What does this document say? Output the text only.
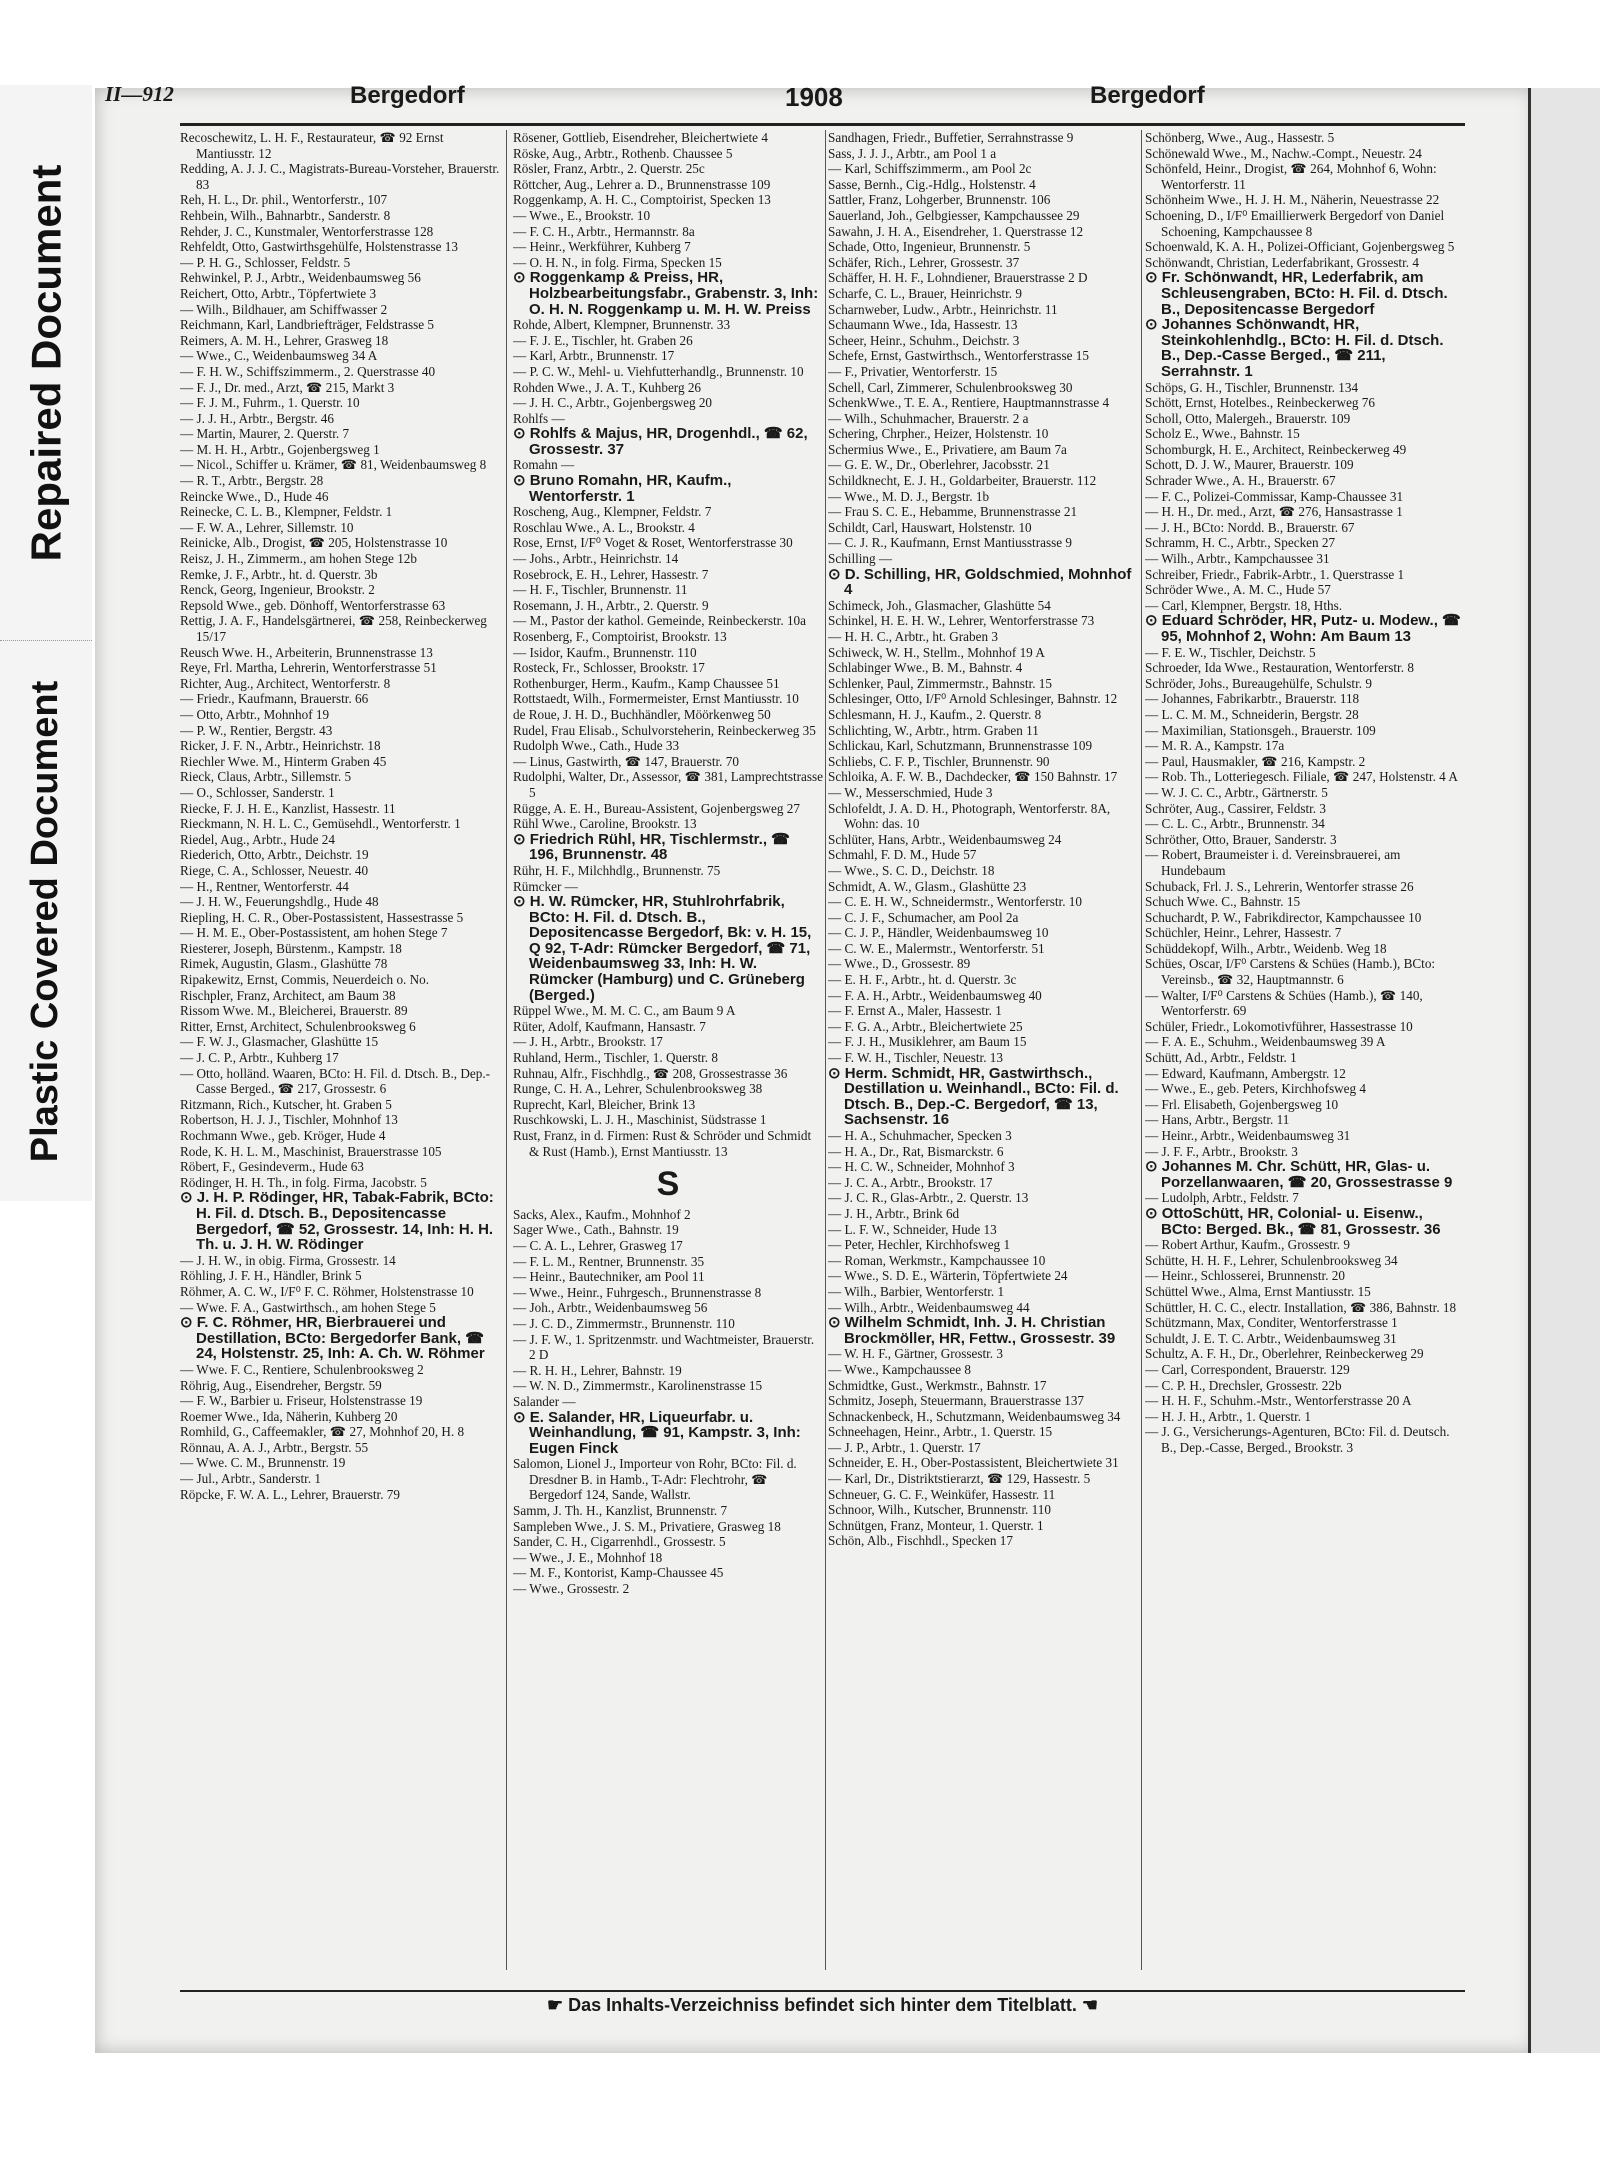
Repaired Document
Plastic Covered Document
II—912	Bergedorf	1908	Bergedorf

Recoschewitz, L. H. F., Restaurateur, ☎ 92 Ernst Mantiusstr. 12

Redding, A. J. J. C., Magistrats-Bureau-Vorsteher, Brauerstr. 83

Reh, H. L., Dr. phil., Wentorferstr., 107

Rehbein, Wilh., Bahnarbtr., Sanderstr. 8

Rehder, J. C., Kunstmaler, Wentorferstrasse 128

Rehfeldt, Otto, Gastwirthsgehülfe, Holstenstrasse 13

— P. H. G., Schlosser, Feldstr. 5

Rehwinkel, P. J., Arbtr., Weidenbaumsweg 56

Reichert, Otto, Arbtr., Töpfertwiete 3

— Wilh., Bildhauer, am Schiffwasser 2

Reichmann, Karl, Landbriefträger, Feldstrasse 5

Reimers, A. M. H., Lehrer, Grasweg 18

— Wwe., C., Weidenbaumsweg 34 A

— F. H. W., Schiffszimmerm., 2. Querstrasse 40

— F. J., Dr. med., Arzt, ☎ 215, Markt 3

— F. J. M., Fuhrm., 1. Querstr. 10

— J. J. H., Arbtr., Bergstr. 46

— Martin, Maurer, 2. Querstr. 7

— M. H. H., Arbtr., Gojenbergsweg 1

— Nicol., Schiffer u. Krämer, ☎ 81, Weidenbaumsweg 8

— R. T., Arbtr., Bergstr. 28

Reincke Wwe., D., Hude 46

Reinecke, C. L. B., Klempner, Feldstr. 1

— F. W. A., Lehrer, Sillemstr. 10

Reinicke, Alb., Drogist, ☎ 205, Holstenstrasse 10

Reisz, J. H., Zimmerm., am hohen Stege 12b

Remke, J. F., Arbtr., ht. d. Querstr. 3b

Renck, Georg, Ingenieur, Brookstr. 2

Repsold Wwe., geb. Dönhoff, Wentorferstrasse 63

Rettig, J. A. F., Handelsgärtnerei, ☎ 258, Reinbeckerweg 15/17

Reusch Wwe. H., Arbeiterin, Brunnenstrasse 13

Reye, Frl. Martha, Lehrerin, Wentorferstrasse 51

Richter, Aug., Architect, Wentorferstr. 8

— Friedr., Kaufmann, Brauerstr. 66

— Otto, Arbtr., Mohnhof 19

— P. W., Rentier, Bergstr. 43

Ricker, J. F. N., Arbtr., Heinrichstr. 18

Riechler Wwe. M., Hinterm Graben 45

Rieck, Claus, Arbtr., Sillemstr. 5

— O., Schlosser, Sanderstr. 1

Riecke, F. J. H. E., Kanzlist, Hassestr. 11

Rieckmann, N. H. L. C., Gemüsehdl., Wentorferstr. 1

Riedel, Aug., Arbtr., Hude 24

Riederich, Otto, Arbtr., Deichstr. 19

Riege, C. A., Schlosser, Neuestr. 40

— H., Rentner, Wentorferstr. 44

— J. H. W., Feuerungshdlg., Hude 48

Riepling, H. C. R., Ober-Postassistent, Hassestrasse 5

— H. M. E., Ober-Postassistent, am hohen Stege 7

Riesterer, Joseph, Bürstenm., Kampstr. 18

Rimek, Augustin, Glasm., Glashütte 78

Ripakewitz, Ernst, Commis, Neuerdeich o. No.

Rischpler, Franz, Architect, am Baum 38

Rissom Wwe. M., Bleicherei, Brauerstr. 89

Ritter, Ernst, Architect, Schulenbrooksweg 6

— F. W. J., Glasmacher, Glashütte 15

— J. C. P., Arbtr., Kuhberg 17

— Otto, holländ. Waaren, BCto: H. Fil. d. Dtsch. B., Dep.-Casse Berged., ☎ 217, Grossestr. 6

Ritzmann, Rich., Kutscher, ht. Graben 5

Robertson, H. J. J., Tischler, Mohnhof 13

Rochmann Wwe., geb. Kröger, Hude 4

Rode, K. H. L. M., Maschinist, Brauerstrasse 105

Röbert, F., Gesindeverm., Hude 63

Rödinger, H. H. Th., in folg. Firma, Jacobstr. 5

⊙ J. H. P. Rödinger, HR, Tabak-Fabrik, BCto: H. Fil. d. Dtsch. B., Depositencasse Bergedorf, ☎ 52, Grossestr. 14, Inh: H. H. Th. u. J. H. W. Rödinger

— J. H. W., in obig. Firma, Grossestr. 14

Röhling, J. F. H., Händler, Brink 5

Röhmer, A. C. W., I/F⁰ F. C. Röhmer, Holstenstrasse 10

— Wwe. F. A., Gastwirthsch., am hohen Stege 5

⊙ F. C. Röhmer, HR, Bierbrauerei und Destillation, BCto: Bergedorfer Bank, ☎ 24, Holstenstr. 25, Inh: A. Ch. W. Röhmer

— Wwe. F. C., Rentiere, Schulenbrooksweg 2

Röhrig, Aug., Eisendreher, Bergstr. 59

— F. W., Barbier u. Friseur, Holstenstrasse 19

Roemer Wwe., Ida, Näherin, Kuhberg 20

Romhild, G., Caffeemakler, ☎ 27, Mohnhof 20, H. 8

Rönnau, A. A. J., Arbtr., Bergstr. 55

— Wwe. C. M., Brunnenstr. 19

— Jul., Arbtr., Sanderstr. 1

Röpcke, F. W. A. L., Lehrer, Brauerstr. 79

Rösener, Gottlieb, Eisendreher, Bleichertwiete 4

Röske, Aug., Arbtr., Rothenb. Chaussee 5

Rösler, Franz, Arbtr., 2. Querstr. 25c

Röttcher, Aug., Lehrer a. D., Brunnenstrasse 109

Roggenkamp, A. H. C., Comptoirist, Specken 13

— Wwe., E., Brookstr. 10

— F. C. H., Arbtr., Hermannstr. 8a

— Heinr., Werkführer, Kuhberg 7

— O. H. N., in folg. Firma, Specken 15

⊙ Roggenkamp & Preiss, HR, Holzbearbeitungsfabr., Grabenstr. 3, Inh: O. H. N. Roggenkamp u. M. H. W. Preiss

Rohde, Albert, Klempner, Brunnenstr. 33

— F. J. E., Tischler, ht. Graben 26

— Karl, Arbtr., Brunnenstr. 17

— P. C. W., Mehl- u. Viehfutterhandlg., Brunnenstr. 10

Rohden Wwe., J. A. T., Kuhberg 26

— J. H. C., Arbtr., Gojenbergsweg 20

Rohlfs —

⊙ Rohlfs & Majus, HR, Drogenhdl., ☎ 62, Grossestr. 37

Romahn —

⊙ Bruno Romahn, HR, Kaufm., Wentorferstr. 1

Roscheng, Aug., Klempner, Feldstr. 7

Roschlau Wwe., A. L., Brookstr. 4

Rose, Ernst, I/F⁰ Voget & Roset, Wentorferstrasse 30

— Johs., Arbtr., Heinrichstr. 14

Rosebrock, E. H., Lehrer, Hassestr. 7

— H. F., Tischler, Brunnenstr. 11

Rosemann, J. H., Arbtr., 2. Querstr. 9

— M., Pastor der kathol. Gemeinde, Reinbeckerstr. 10a

Rosenberg, F., Comptoirist, Brookstr. 13

— Isidor, Kaufm., Brunnenstr. 110

Rosteck, Fr., Schlosser, Brookstr. 17

Rothenburger, Herm., Kaufm., Kamp Chaussee 51

Rottstaedt, Wilh., Formermeister, Ernst Mantiusstr. 10

de Roue, J. H. D., Buchhändler, Möörkenweg 50

Rudel, Frau Elisab., Schulvorsteherin, Reinbeckerweg 35

Rudolph Wwe., Cath., Hude 33

— Linus, Gastwirth, ☎ 147, Brauerstr. 70

Rudolphi, Walter, Dr., Assessor, ☎ 381, Lamprechtstrasse 5

Rügge, A. E. H., Bureau-Assistent, Gojenbergsweg 27

Rühl Wwe., Caroline, Brookstr. 13

⊙ Friedrich Rühl, HR, Tischlermstr., ☎ 196, Brunnenstr. 48

Rühr, H. F., Milchhdlg., Brunnenstr. 75

Rümcker —

⊙ H. W. Rümcker, HR, Stuhlrohrfabrik, BCto: H. Fil. d. Dtsch. B., Depositencasse Bergedorf, Bk: v. H. 15, Q 92, T-Adr: Rümcker Bergedorf, ☎ 71, Weidenbaumsweg 33, Inh: H. W. Rümcker (Hamburg) und C. Grüneberg (Berged.)

Rüppel Wwe., M. M. C. C., am Baum 9 A

Rüter, Adolf, Kaufmann, Hansastr. 7

— J. H., Arbtr., Brookstr. 17

Ruhland, Herm., Tischler, 1. Querstr. 8

Ruhnau, Alfr., Fischhdlg., ☎ 208, Grossestrasse 36

Runge, C. H. A., Lehrer, Schulenbrooksweg 38

Ruprecht, Karl, Bleicher, Brink 13

Ruschkowski, L. J. H., Maschinist, Südstrasse 1

Rust, Franz, in d. Firmen: Rust & Schröder und Schmidt & Rust (Hamb.), Ernst Mantiusstr. 13

S

Sacks, Alex., Kaufm., Mohnhof 2

Sager Wwe., Cath., Bahnstr. 19

— C. A. L., Lehrer, Grasweg 17

— F. L. M., Rentner, Brunnenstr. 35

— Heinr., Bautechniker, am Pool 11

— Wwe., Heinr., Fuhrgesch., Brunnenstrasse 8

— Joh., Arbtr., Weidenbaumsweg 56

— J. C. D., Zimmermstr., Brunnenstr. 110

— J. F. W., 1. Spritzenmstr. und Wachtmeister, Brauerstr. 2 D

— R. H. H., Lehrer, Bahnstr. 19

— W. N. D., Zimmermstr., Karolinenstrasse 15

Salander —

⊙ E. Salander, HR, Liqueurfabr. u. Weinhandlung, ☎ 91, Kampstr. 3, Inh: Eugen Finck

Salomon, Lionel J., Importeur von Rohr, BCto: Fil. d. Dresdner B. in Hamb., T-Adr: Flechtrohr, ☎ Bergedorf 124, Sande, Wallstr.

Samm, J. Th. H., Kanzlist, Brunnenstr. 7

Sampleben Wwe., J. S. M., Privatiere, Grasweg 18

Sander, C. H., Cigarrenhdl., Grossestr. 5

— Wwe., J. E., Mohnhof 18

— M. F., Kontorist, Kamp-Chaussee 45

— Wwe., Grossestr. 2

Sandhagen, Friedr., Buffetier, Serrahnstrasse 9

Sass, J. J. J., Arbtr., am Pool 1 a

— Karl, Schiffszimmerm., am Pool 2c

Sasse, Bernh., Cig.-Hdlg., Holstenstr. 4

Sattler, Franz, Lohgerber, Brunnenstr. 106

Sauerland, Joh., Gelbgiesser, Kampchaussee 29

Sawahn, J. H. A., Eisendreher, 1. Querstrasse 12

Schade, Otto, Ingenieur, Brunnenstr. 5

Schäfer, Rich., Lehrer, Grossestr. 37

Schäffer, H. H. F., Lohndiener, Brauerstrasse 2 D

Scharfe, C. L., Brauer, Heinrichstr. 9

Scharnweber, Ludw., Arbtr., Heinrichstr. 11

Schaumann Wwe., Ida, Hassestr. 13

Scheer, Heinr., Schuhm., Deichstr. 3

Schefe, Ernst, Gastwirthsch., Wentorferstrasse 15

— F., Privatier, Wentorferstr. 15

Schell, Carl, Zimmerer, Schulenbrooksweg 30

SchenkWwe., T. E. A., Rentiere, Hauptmannstrasse 4

— Wilh., Schuhmacher, Brauerstr. 2 a

Schering, Chrpher., Heizer, Holstenstr. 10

Schermius Wwe., E., Privatiere, am Baum 7a

— G. E. W., Dr., Oberlehrer, Jacobsstr. 21

Schildknecht, E. J. H., Goldarbeiter, Brauerstr. 112

— Wwe., M. D. J., Bergstr. 1b

— Frau S. C. E., Hebamme, Brunnenstrasse 21

Schildt, Carl, Hauswart, Holstenstr. 10

— C. J. R., Kaufmann, Ernst Mantiusstrasse 9

Schilling —

⊙ D. Schilling, HR, Goldschmied, Mohnhof 4

Schimeck, Joh., Glasmacher, Glashütte 54

Schinkel, H. E. H. W., Lehrer, Wentorferstrasse 73

— H. H. C., Arbtr., ht. Graben 3

Schiweck, W. H., Stellm., Mohnhof 19 A

Schlabinger Wwe., B. M., Bahnstr. 4

Schlenker, Paul, Zimmermstr., Bahnstr. 15

Schlesinger, Otto, I/F⁰ Arnold Schlesinger, Bahnstr. 12

Schlesmann, H. J., Kaufm., 2. Querstr. 8

Schlichting, W., Arbtr., htrm. Graben 11

Schlickau, Karl, Schutzmann, Brunnenstrasse 109

Schliebs, C. F. P., Tischler, Brunnenstr. 90

Schloika, A. F. W. B., Dachdecker, ☎ 150 Bahnstr. 17

— W., Messerschmied, Hude 3

Schlofeldt, J. A. D. H., Photograph, Wentorferstr. 8A, Wohn: das. 10

Schlüter, Hans, Arbtr., Weidenbaumsweg 24

Schmahl, F. D. M., Hude 57

— Wwe., S. C. D., Deichstr. 18

Schmidt, A. W., Glasm., Glashütte 23

— C. E. H. W., Schneidermstr., Wentorferstr. 10

— C. J. F., Schumacher, am Pool 2a

— C. J. P., Händler, Weidenbaumsweg 10

— C. W. E., Malermstr., Wentorferstr. 51

— Wwe., D., Grossestr. 89

— E. H. F., Arbtr., ht. d. Querstr. 3c

— F. A. H., Arbtr., Weidenbaumsweg 40

— F. Ernst A., Maler, Hassestr. 1

— F. G. A., Arbtr., Bleichertwiete 25

— F. J. H., Musiklehrer, am Baum 15

— F. W. H., Tischler, Neuestr. 13

⊙ Herm. Schmidt, HR, Gastwirthsch., Destillation u. Weinhandl., BCto: Fil. d. Dtsch. B., Dep.-C. Bergedorf, ☎ 13, Sachsenstr. 16

— H. A., Schuhmacher, Specken 3

— H. A., Dr., Rat, Bismarckstr. 6

— H. C. W., Schneider, Mohnhof 3

— J. C. A., Arbtr., Brookstr. 17

— J. C. R., Glas-Arbtr., 2. Querstr. 13

— J. H., Arbtr., Brink 6d

— L. F. W., Schneider, Hude 13

— Peter, Hechler, Kirchhofsweg 1

— Roman, Werkmstr., Kampchaussee 10

— Wwe., S. D. E., Wärterin, Töpfertwiete 24

— Wilh., Barbier, Wentorferstr. 1

— Wilh., Arbtr., Weidenbaumsweg 44

⊙ Wilhelm Schmidt, Inh. J. H. Christian Brockmöller, HR, Fettw., Grossestr. 39

— W. H. F., Gärtner, Grossestr. 3

— Wwe., Kampchaussee 8

Schmidtke, Gust., Werkmstr., Bahnstr. 17

Schmitz, Joseph, Steuermann, Brauerstrasse 137

Schnackenbeck, H., Schutzmann, Weidenbaumsweg 34

Schneehagen, Heinr., Arbtr., 1. Querstr. 15

— J. P., Arbtr., 1. Querstr. 17

Schneider, E. H., Ober-Postassistent, Bleichertwiete 31

— Karl, Dr., Distriktstierarzt, ☎ 129, Hassestr. 5

Schneuer, G. C. F., Weinküfer, Hassestr. 11

Schnoor, Wilh., Kutscher, Brunnenstr. 110

Schnütgen, Franz, Monteur, 1. Querstr. 1

Schön, Alb., Fischhdl., Specken 17

Schönberg, Wwe., Aug., Hassestr. 5

Schönewald Wwe., M., Nachw.-Compt., Neuestr. 24

Schönfeld, Heinr., Drogist, ☎ 264, Mohnhof 6, Wohn: Wentorferstr. 11

Schönheim Wwe., H. J. H. M., Näherin, Neuestrasse 22

Schoening, D., I/F⁰ Emaillierwerk Bergedorf von Daniel Schoening, Kampchaussee 8

Schoenwald, K. A. H., Polizei-Officiant, Gojenbergsweg 5

Schönwandt, Christian, Lederfabrikant, Grossestr. 4

⊙ Fr. Schönwandt, HR, Lederfabrik, am Schleusengraben, BCto: H. Fil. d. Dtsch. B., Depositencasse Bergedorf

⊙ Johannes Schönwandt, HR, Steinkohlenhdlg., BCto: H. Fil. d. Dtsch. B., Dep.-Casse Berged., ☎ 211, Serrahnstr. 1

Schöps, G. H., Tischler, Brunnenstr. 134

Schött, Ernst, Hotelbes., Reinbeckerweg 76

Scholl, Otto, Malergeh., Brauerstr. 109

Scholz E., Wwe., Bahnstr. 15

Schomburgk, H. E., Architect, Reinbeckerweg 49

Schott, D. J. W., Maurer, Brauerstr. 109

Schrader Wwe., A. H., Brauerstr. 67

— F. C., Polizei-Commissar, Kamp-Chaussee 31

— H. H., Dr. med., Arzt, ☎ 276, Hansastrasse 1

— J. H., BCto: Nordd. B., Brauerstr. 67

Schramm, H. C., Arbtr., Specken 27

— Wilh., Arbtr., Kampchaussee 31

Schreiber, Friedr., Fabrik-Arbtr., 1. Querstrasse 1

Schröder Wwe., A. M. C., Hude 57

— Carl, Klempner, Bergstr. 18, Hths.

⊙ Eduard Schröder, HR, Putz- u. Modew., ☎ 95, Mohnhof 2, Wohn: Am Baum 13

— F. E. W., Tischler, Deichstr. 5

Schroeder, Ida Wwe., Restauration, Wentorferstr. 8

Schröder, Johs., Bureaugehülfe, Schulstr. 9

— Johannes, Fabrikarbtr., Brauerstr. 118

— L. C. M. M., Schneiderin, Bergstr. 28

— Maximilian, Stationsgeh., Brauerstr. 109

— M. R. A., Kampstr. 17a

— Paul, Hausmakler, ☎ 216, Kampstr. 2

— Rob. Th., Lotteriegesch. Filiale, ☎ 247, Holstenstr. 4 A

— W. J. C. C., Arbtr., Gärtnerstr. 5

Schröter, Aug., Cassirer, Feldstr. 3

— C. L. C., Arbtr., Brunnenstr. 34

Schröther, Otto, Brauer, Sanderstr. 3

— Robert, Braumeister i. d. Vereinsbrauerei, am Hundebaum

Schuback, Frl. J. S., Lehrerin, Wentorfer strasse 26

Schuch Wwe. C., Bahnstr. 15

Schuchardt, P. W., Fabrikdirector, Kampchaussee 10

Schüchler, Heinr., Lehrer, Hassestr. 7

Schüddekopf, Wilh., Arbtr., Weidenb. Weg 18

Schües, Oscar, I/F⁰ Carstens & Schües (Hamb.), BCto: Vereinsb., ☎ 32, Hauptmannstr. 6

— Walter, I/F⁰ Carstens & Schües (Hamb.), ☎ 140, Wentorferstr. 69

Schüler, Friedr., Lokomotivführer, Hassestrasse 10

— F. A. E., Schuhm., Weidenbaumsweg 39 A

Schütt, Ad., Arbtr., Feldstr. 1

— Edward, Kaufmann, Ambergstr. 12

— Wwe., E., geb. Peters, Kirchhofsweg 4

— Frl. Elisabeth, Gojenbergsweg 10

— Hans, Arbtr., Bergstr. 11

— Heinr., Arbtr., Weidenbaumsweg 31

— J. F. F., Arbtr., Brookstr. 3

⊙ Johannes M. Chr. Schütt, HR, Glas- u. Porzellanwaaren, ☎ 20, Grossestrasse 9

— Ludolph, Arbtr., Feldstr. 7

⊙ OttoSchütt, HR, Colonial- u. Eisenw., BCto: Berged. Bk., ☎ 81, Grossestr. 36

— Robert Arthur, Kaufm., Grossestr. 9

Schütte, H. H. F., Lehrer, Schulenbrooksweg 34

— Heinr., Schlosserei, Brunnenstr. 20

Schüttel Wwe., Alma, Ernst Mantiusstr. 15

Schüttler, H. C. C., electr. Installation, ☎ 386, Bahnstr. 18

Schützmann, Max, Conditer, Wentorferstrasse 1

Schuldt, J. E. T. C. Arbtr., Weidenbaumsweg 31

Schultz, A. F. H., Dr., Oberlehrer, Reinbeckerweg 29

— Carl, Correspondent, Brauerstr. 129

— C. P. H., Drechsler, Grossestr. 22b

— H. H. F., Schuhm.-Mstr., Wentorferstrasse 20 A

— H. J. H., Arbtr., 1. Querstr. 1

— J. G., Versicherungs-Agenturen, BCto: Fil. d. Deutsch. B., Dep.-Casse, Berged., Brookstr. 3

☛ Das Inhalts-Verzeichniss befindet sich hinter dem Titelblatt. ☚
